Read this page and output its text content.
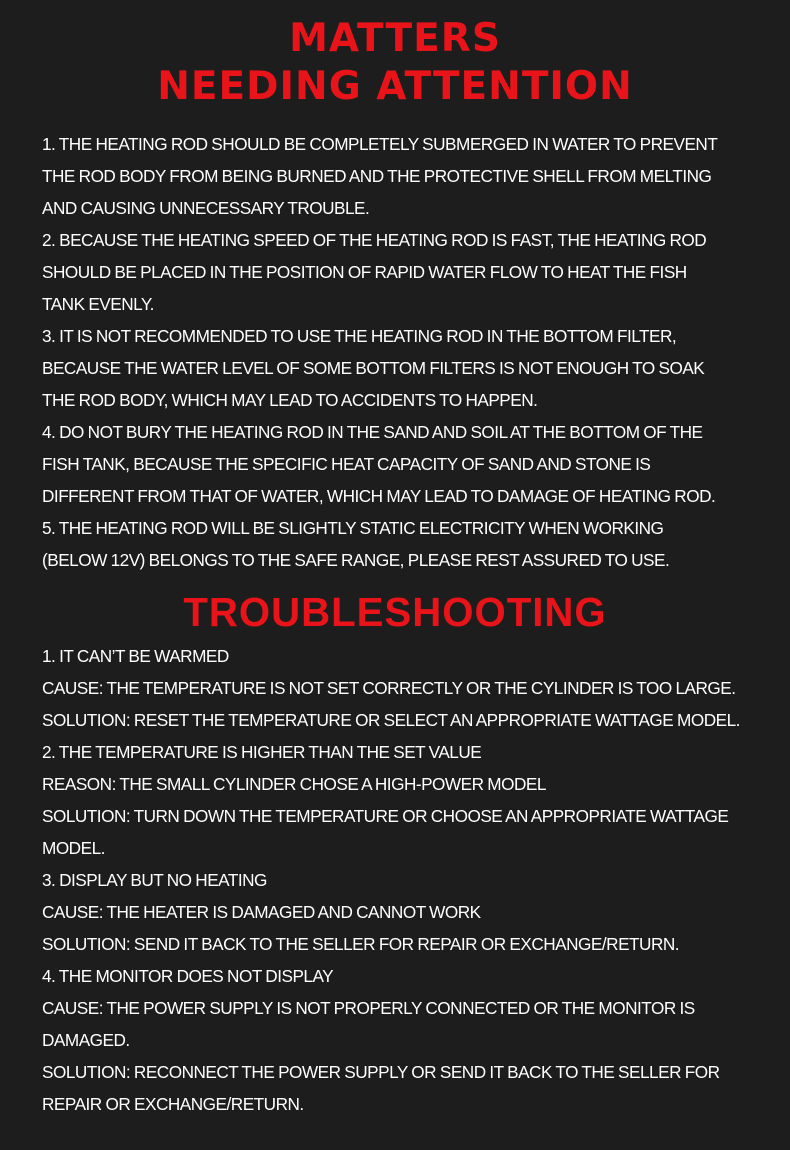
MATTERS
NEEDING ATTENTION

1. THE HEATING ROD SHOULD BE COMPLETELY SUBMERGED IN WATER TO PREVENT

THE ROD BODY FROM BEING BURNED AND THE PROTECTIVE SHELL FROM MELTING

AND CAUSING UNNECESSARY TROUBLE.

2. BECAUSE THE HEATING SPEED OF THE HEATING ROD IS FAST, THE HEATING ROD

SHOULD BE PLACED IN THE POSITION OF RAPID WATER FLOW TO HEAT THE FISH

TANK EVENLY.

3. IT IS NOT RECOMMENDED TO USE THE HEATING ROD IN THE BOTTOM FILTER,

BECAUSE THE WATER LEVEL OF SOME BOTTOM FILTERS IS NOT ENOUGH TO SOAK

THE ROD BODY, WHICH MAY LEAD TO ACCIDENTS TO HAPPEN.

4. DO NOT BURY THE HEATING ROD IN THE SAND AND SOIL AT THE BOTTOM OF THE

FISH TANK, BECAUSE THE SPECIFIC HEAT CAPACITY OF SAND AND STONE IS

DIFFERENT FROM THAT OF WATER, WHICH MAY LEAD TO DAMAGE OF HEATING ROD.

5. THE HEATING ROD WILL BE SLIGHTLY STATIC ELECTRICITY WHEN WORKING

(BELOW 12V) BELONGS TO THE SAFE RANGE, PLEASE REST ASSURED TO USE.

TROUBLESHOOTING

1. IT CAN’T BE WARMED

CAUSE: THE TEMPERATURE IS NOT SET CORRECTLY OR THE CYLINDER IS TOO LARGE.

SOLUTION: RESET THE TEMPERATURE OR SELECT AN APPROPRIATE WATTAGE MODEL.

2. THE TEMPERATURE IS HIGHER THAN THE SET VALUE

REASON: THE SMALL CYLINDER CHOSE A HIGH-POWER MODEL

SOLUTION: TURN DOWN THE TEMPERATURE OR CHOOSE AN APPROPRIATE WATTAGE

MODEL.

3. DISPLAY BUT NO HEATING

CAUSE: THE HEATER IS DAMAGED AND CANNOT WORK

SOLUTION: SEND IT BACK TO THE SELLER FOR REPAIR OR EXCHANGE/RETURN.

4. THE MONITOR DOES NOT DISPLAY

CAUSE: THE POWER SUPPLY IS NOT PROPERLY CONNECTED OR THE MONITOR IS

DAMAGED.

SOLUTION: RECONNECT THE POWER SUPPLY OR SEND IT BACK TO THE SELLER FOR

REPAIR OR EXCHANGE/RETURN.
